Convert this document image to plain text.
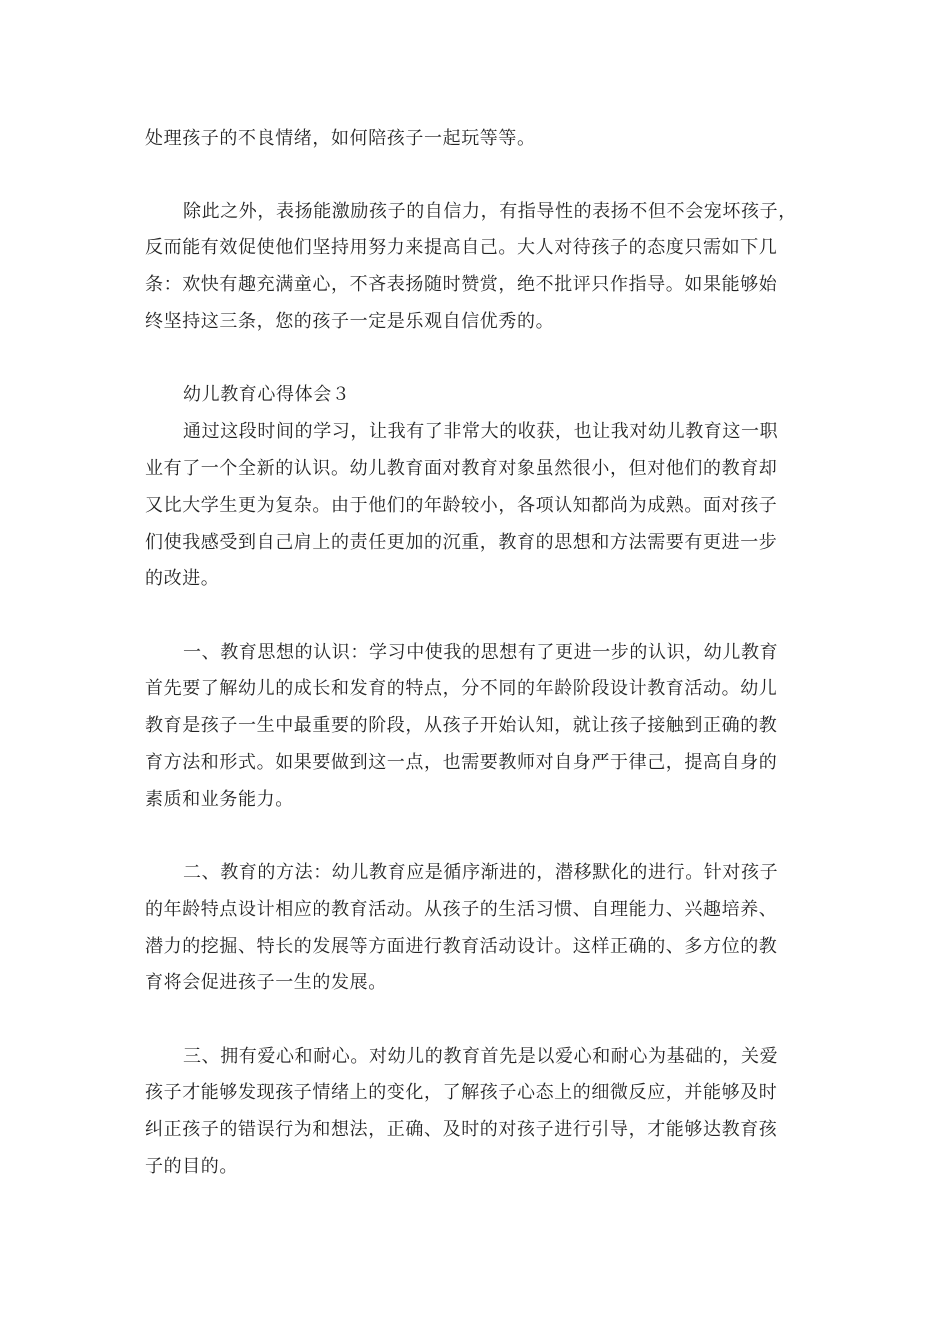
处理孩子的不良情绪，如何陪孩子一起玩等等。
除此之外，表扬能激励孩子的自信力，有指导性的表扬不但不会宠坏孩子，
反而能有效促使他们坚持用努力来提高自己。大人对待孩子的态度只需如下几
条：欢快有趣充满童心，不吝表扬随时赞赏，绝不批评只作指导。如果能够始
终坚持这三条，您的孩子一定是乐观自信优秀的。
幼儿教育心得体会３
通过这段时间的学习，让我有了非常大的收获，也让我对幼儿教育这一职
业有了一个全新的认识。幼儿教育面对教育对象虽然很小，但对他们的教育却
又比大学生更为复杂。由于他们的年龄较小，各项认知都尚为成熟。面对孩子
们使我感受到自己肩上的责任更加的沉重，教育的思想和方法需要有更进一步
的改进。
一、教育思想的认识：学习中使我的思想有了更进一步的认识，幼儿教育
首先要了解幼儿的成长和发育的特点，分不同的年龄阶段设计教育活动。幼儿
教育是孩子一生中最重要的阶段，从孩子开始认知，就让孩子接触到正确的教
育方法和形式。如果要做到这一点，也需要教师对自身严于律己，提高自身的
素质和业务能力。
二、教育的方法：幼儿教育应是循序渐进的，潜移默化的进行。针对孩子
的年龄特点设计相应的教育活动。从孩子的生活习惯、自理能力、兴趣培养、
潜力的挖掘、特长的发展等方面进行教育活动设计。这样正确的、多方位的教
育将会促进孩子一生的发展。
三、拥有爱心和耐心。对幼儿的教育首先是以爱心和耐心为基础的，关爱
孩子才能够发现孩子情绪上的变化，了解孩子心态上的细微反应，并能够及时
纠正孩子的错误行为和想法，正确、及时的对孩子进行引导，才能够达教育孩
子的目的。
